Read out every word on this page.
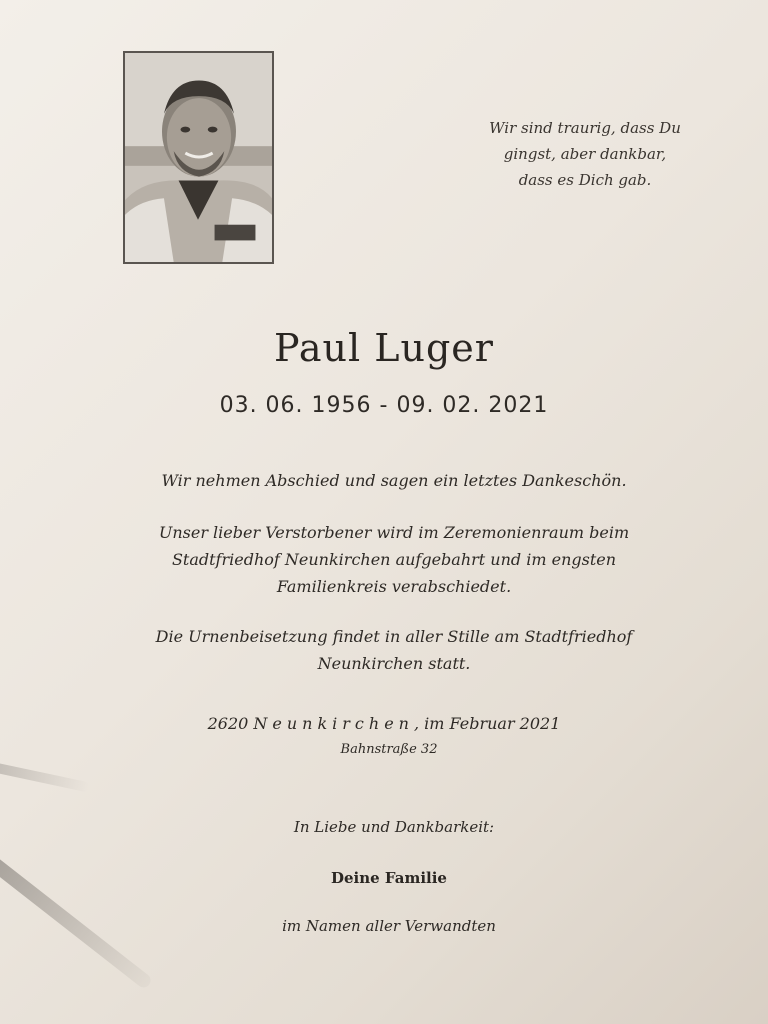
Wir sind traurig, dass Du
gingst, aber dankbar,
dass es Dich gab.
Paul Luger
03. 06. 1956 - 09. 02. 2021
Wir nehmen Abschied und sagen ein letztes Dankeschön.
Unser lieber Verstorbener wird im Zeremonienraum beim
Stadtfriedhof Neunkirchen aufgebahrt und im engsten
Familienkreis verabschiedet.
Die Urnenbeisetzung findet in aller Stille am Stadtfriedhof
Neunkirchen statt.
2620 Neunkirchen, im Februar 2021
Bahnstraße 32
In Liebe und Dankbarkeit:
Deine Familie
im Namen aller Verwandten
